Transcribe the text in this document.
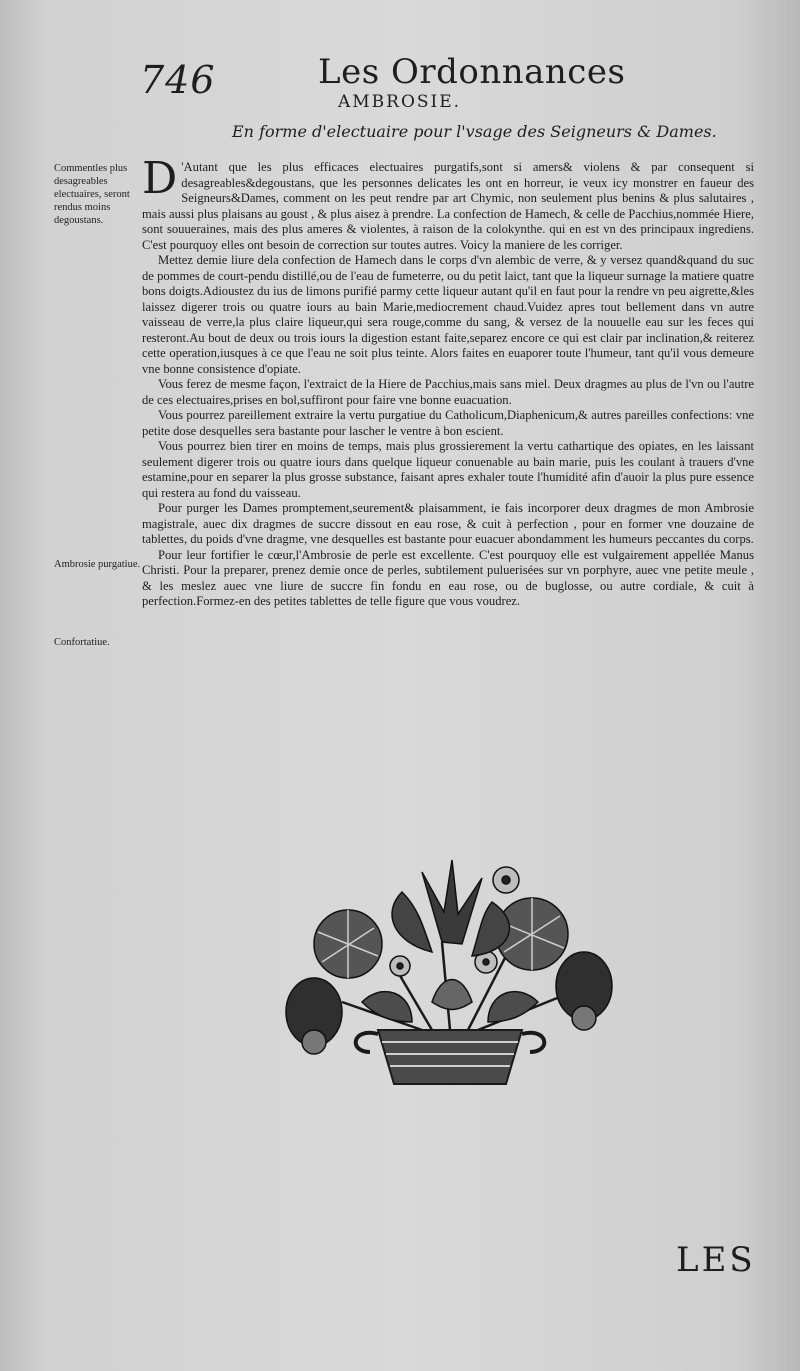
746	Les Ordonnances
AMBROSIE.
En forme d'electuaire pour l'vsage des Seigneurs & Dames.
Commentles plus desagreables electuaires, seront rendus moins degoustans.
Ambrosie purgatiue.
Confortatiue.

D 'Autant que les plus efficaces electuaires purgatifs,sont si amers& violens & par consequent si desagreables&degoustans, que les personnes delicates les ont en horreur, ie veux icy monstrer en faueur des Seigneurs&Dames, comment on les peut rendre par art Chymic, non seulement plus benins & plus salutaires , mais aussi plus plaisans au goust , & plus aisez à prendre. La confection de Hamech, & celle de Pacchius,nommée Hiere, sont souueraines, mais des plus ameres & violentes, à raison de la colokynthe. qui en est vn des principaux ingrediens. C'est pourquoy elles ont besoin de correction sur toutes autres. Voicy la maniere de les corriger.

Mettez demie liure dela confection de Hamech dans le corps d'vn alembic de verre, & y versez quand&quand du suc de pommes de court-pendu distillé,ou de l'eau de fumeterre, ou du petit laict, tant que la liqueur surnage la matiere quatre bons doigts.Adioustez du ius de limons purifié parmy cette liqueur autant qu'il en faut pour la rendre vn peu aigrette,&les laissez digerer trois ou quatre iours au bain Marie,mediocrement chaud.Vuidez apres tout bellement dans vn autre vaisseau de verre,la plus claire liqueur,qui sera rouge,comme du sang, & versez de la nouuelle eau sur les feces qui resteront.Au bout de deux ou trois iours la digestion estant faite,separez encore ce qui est clair par inclination,& reiterez cette operation,iusques à ce que l'eau ne soit plus teinte. Alors faites en euaporer toute l'humeur, tant qu'il vous demeure vne bonne consistence d'opiate.

Vous ferez de mesme façon, l'extraict de la Hiere de Pacchius,mais sans miel. Deux dragmes au plus de l'vn ou l'autre de ces electuaires,prises en bol,suffiront pour faire vne bonne euacuation.

Vous pourrez pareillement extraire la vertu purgatiue du Catholicum,Diaphenicum,& autres pareilles confections: vne petite dose desquelles sera bastante pour lascher le ventre à bon escient.

Vous pourrez bien tirer en moins de temps, mais plus grossierement la vertu cathartique des opiates, en les laissant seulement digerer trois ou quatre iours dans quelque liqueur conuenable au bain marie, puis les coulant à trauers d'vne estamine,pour en separer la plus grosse substance, faisant apres exhaler toute l'humidité afin d'auoir la plus pure essence qui restera au fond du vaisseau.

Pour purger les Dames promptement,seurement& plaisamment, ie fais incorporer deux dragmes de mon Ambrosie magistrale, auec dix dragmes de succre dissout en eau rose, & cuit à perfection , pour en former vne douzaine de tablettes, du poids d'vne dragme, vne desquelles est bastante pour euacuer abondamment les humeurs peccantes du corps.

Pour leur fortifier le cœur,l'Ambrosie de perle est excellente. C'est pourquoy elle est vulgairement appellée Manus Christi. Pour la preparer, prenez demie once de perles, subtilement puluerisées sur vn porphyre, auec vne petite meule , & les meslez auec vne liure de succre fin fondu en eau rose, ou de buglosse, ou autre cordiale, & cuit à perfection.Formez-en des petites tablettes de telle figure que vous voudrez.

LES
